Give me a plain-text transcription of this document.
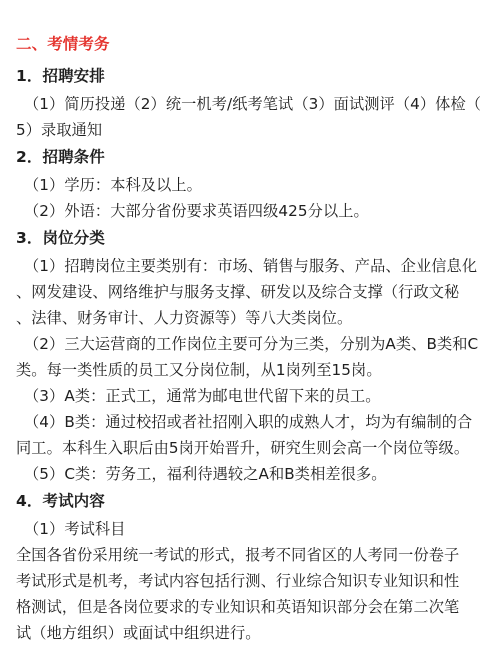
二、考情考务
1．招聘安排
（1）简历投递（2）统一机考/纸考笔试（3）面试测评（4）体检（
5）录取通知
2．招聘条件
（1）学历：本科及以上。
（2）外语：大部分省份要求英语四级425分以上。
3．岗位分类
（1）招聘岗位主要类别有：市场、销售与服务、产品、企业信息化
、网发建设、网络维护与服务支撑、研发以及综合支撑（行政文秘
、法律、财务审计、人力资源等）等八大类岗位。
（2）三大运营商的工作岗位主要可分为三类，分别为A类、B类和C
类。每一类性质的员工又分岗位制，从1岗列至15岗。
（3）A类：正式工，通常为邮电世代留下来的员工。
（4）B类：通过校招或者社招刚入职的成熟人才，均为有编制的合
同工。本科生入职后由5岗开始晋升，研究生则会高一个岗位等级。
（5）C类：劳务工，福利待遇较之A和B类相差很多。
4．考试内容
（1）考试科目
全国各省份采用统一考试的形式，报考不同省区的人考同一份卷子
考试形式是机考，考试内容包括行测、行业综合知识专业知识和性
格测试，但是各岗位要求的专业知识和英语知识部分会在第二次笔
试（地方组织）或面试中组织进行。
